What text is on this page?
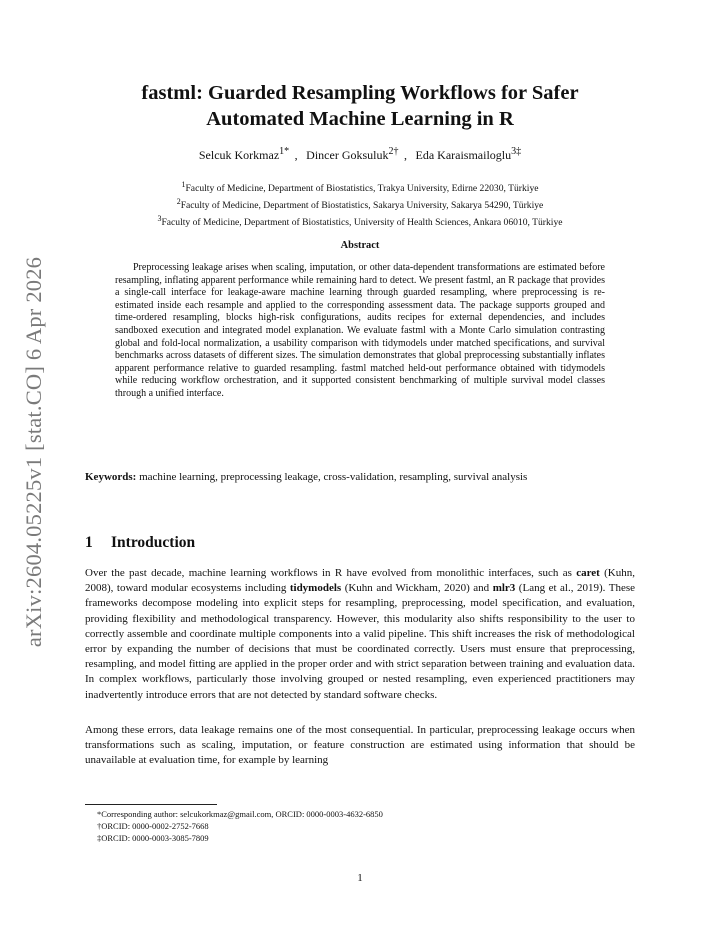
arXiv:2604.05225v1 [stat.CO] 6 Apr 2026
fastml: Guarded Resampling Workflows for Safer
Automated Machine Learning in R
Selcuk Korkmaz$^{1*}$ , Dincer Goksuluk$^{2\dagger}$ , Eda Karaismailoglu$^{3\ddagger}$
$^1$Faculty of Medicine, Department of Biostatistics, Trakya University, Edirne 22030, Türkiye
$^2$Faculty of Medicine, Department of Biostatistics, Sakarya University, Sakarya 54290, Türkiye
$^3$Faculty of Medicine, Department of Biostatistics, University of Health Sciences, Ankara 06010, Türkiye
Abstract
Preprocessing leakage arises when scaling, imputation, or other data-dependent transformations are estimated before resampling, inflating apparent performance while remaining hard to detect. We present fastml, an R package that provides a single-call interface for leakage-aware machine learning through guarded resampling, where preprocessing is re-estimated inside each resample and applied to the corresponding assessment data. The package supports grouped and time-ordered resampling, blocks high-risk configurations, audits recipes for external dependencies, and includes sandboxed execution and integrated model explanation. We evaluate fastml with a Monte Carlo simulation contrasting global and fold-local normalization, a usability comparison with tidymodels under matched specifications, and survival benchmarks across datasets of different sizes. The simulation demonstrates that global preprocessing substantially inflates apparent performance relative to guarded resampling. fastml matched held-out performance obtained with tidymodels while reducing workflow orchestration, and it supported consistent benchmarking of multiple survival model classes through a unified interface.
Keywords: machine learning, preprocessing leakage, cross-validation, resampling, survival analysis
1 Introduction
Over the past decade, machine learning workflows in R have evolved from monolithic interfaces, such as caret (Kuhn, 2008), toward modular ecosystems including tidymodels (Kuhn and Wickham, 2020) and mlr3 (Lang et al., 2019). These frameworks decompose modeling into explicit steps for resampling, preprocessing, model specification, and evaluation, providing flexibility and methodological transparency. However, this modularity also shifts responsibility to the user to correctly assemble and coordinate multiple components into a valid pipeline. This shift increases the risk of methodological error by expanding the number of decisions that must be coordinated correctly. Users must ensure that preprocessing, resampling, and model fitting are applied in the proper order and with strict separation between training and evaluation data. In complex workflows, particularly those involving grouped or nested resampling, even experienced practitioners may inadvertently introduce errors that are not detected by standard software checks.
Among these errors, data leakage remains one of the most consequential. In particular, preprocessing leakage occurs when transformations such as scaling, imputation, or feature construction are estimated using information that should be unavailable at evaluation time, for example by learning
*Corresponding author: selcukorkmaz@gmail.com, ORCID: 0000-0003-4632-6850
†ORCID: 0000-0002-2752-7668
‡ORCID: 0000-0003-3085-7809
1
